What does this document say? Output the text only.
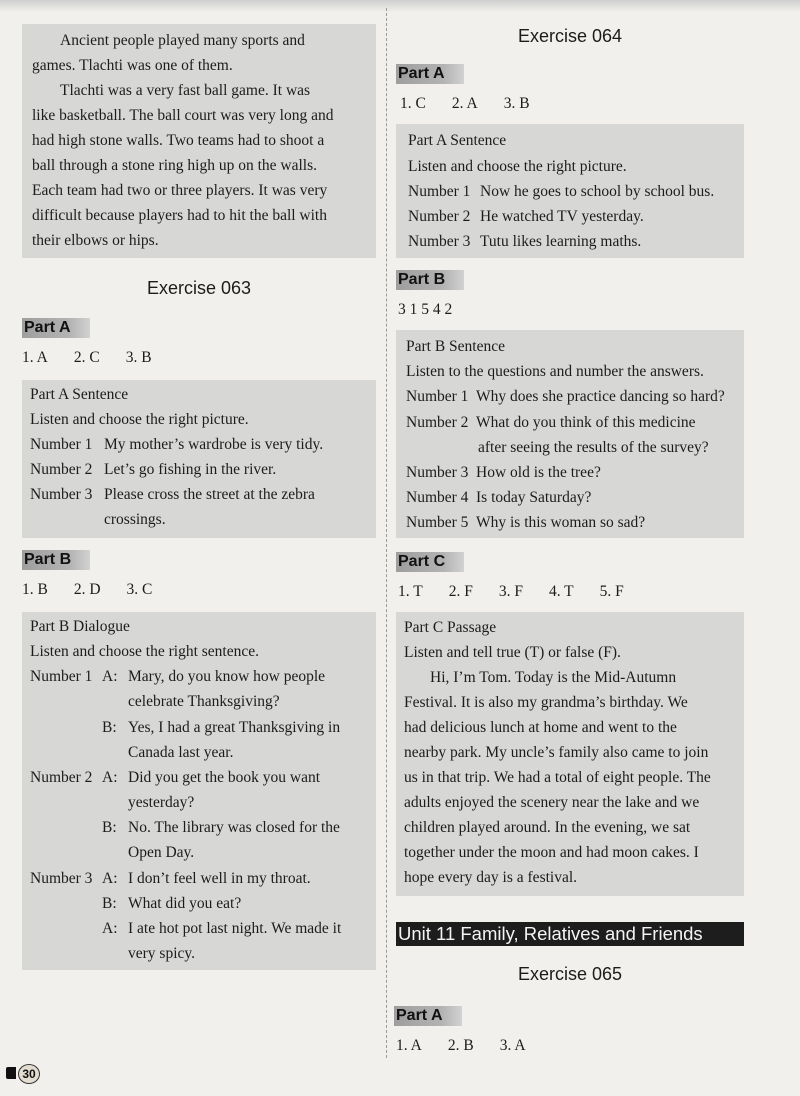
Ancient people played many sports and
games. Tlachti was one of them.
Tlachti was a very fast ball game. It was
like basketball. The ball court was very long and
had high stone walls. Two teams had to shoot a
ball through a stone ring high up on the walls.
Each team had two or three players. It was very
difficult because players had to hit the ball with
their elbows or hips.
Exercise 063
Part A
1. A 2. C 3. B
Part A Sentence
Listen and choose the right picture.
Number 1 My mother’s wardrobe is very tidy.
Number 2 Let’s go fishing in the river.
Number 3 Please cross the street at the zebra
crossings.
Part B
1. B 2. D 3. C
Part B Dialogue
Listen and choose the right sentence.
Number 1 A: Mary, do you know how people
celebrate Thanksgiving?
B: Yes, I had a great Thanksgiving in
Canada last year.
Number 2 A: Did you get the book you want
yesterday?
B: No. The library was closed for the
Open Day.
Number 3 A: I don’t feel well in my throat.
B: What did you eat?
A: I ate hot pot last night. We made it
very spicy.
30
Exercise 064
Part A
1. C 2. A 3. B
Part A Sentence
Listen and choose the right picture.
Number 1 Now he goes to school by school bus.
Number 2 He watched TV yesterday.
Number 3 Tutu likes learning maths.
Part B
3 1 5 4 2
Part B Sentence
Listen to the questions and number the answers.
Number 1 Why does she practice dancing so hard?
Number 2 What do you think of this medicine
after seeing the results of the survey?
Number 3 How old is the tree?
Number 4 Is today Saturday?
Number 5 Why is this woman so sad?
Part C
1. T 2. F 3. F 4. T 5. F
Part C Passage
Listen and tell true (T) or false (F).
Hi, I’m Tom. Today is the Mid-Autumn
Festival. It is also my grandma’s birthday. We
had delicious lunch at home and went to the
nearby park. My uncle’s family also came to join
us in that trip. We had a total of eight people. The
adults enjoyed the scenery near the lake and we
children played around. In the evening, we sat
together under the moon and had moon cakes. I
hope every day is a festival.
Unit 11 Family, Relatives and Friends
Exercise 065
Part A
1. A 2. B 3. A
